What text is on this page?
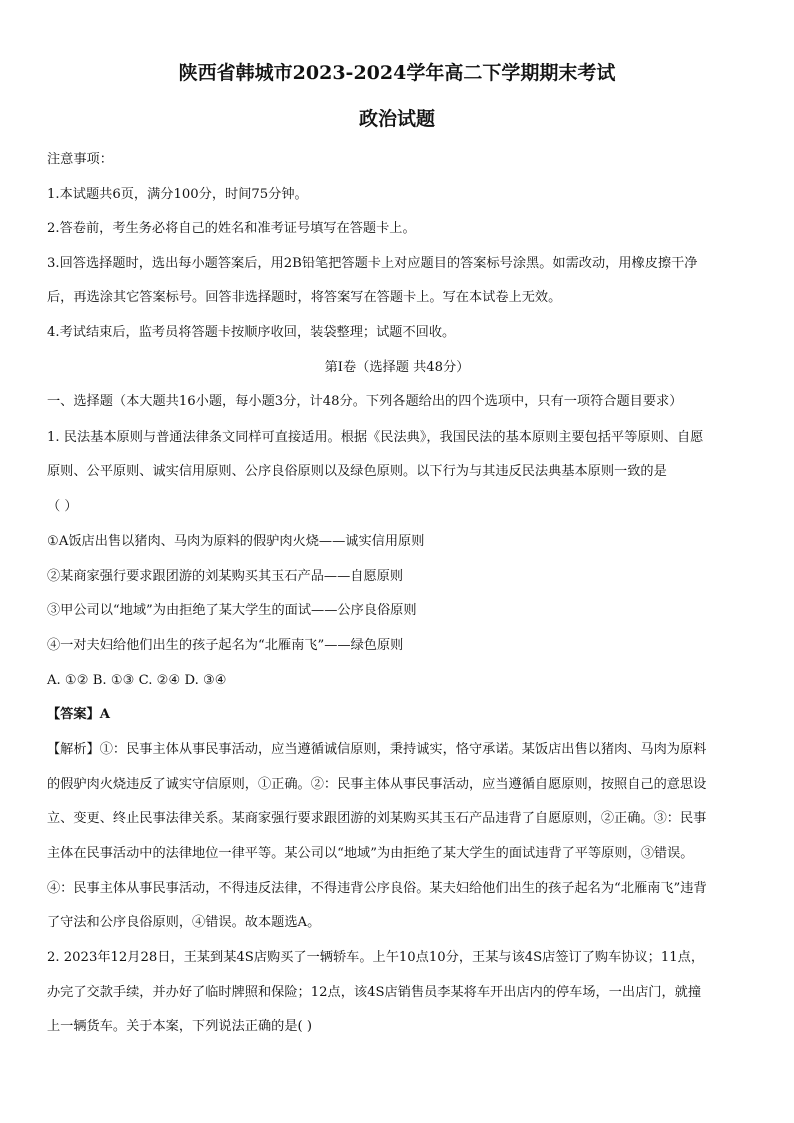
陕西省韩城市2023-2024学年高二下学期期末考试
政治试题
注意事项：
1.本试题共6页，满分100分，时间75分钟。
2.答卷前，考生务必将自己的姓名和准考证号填写在答题卡上。
3.回答选择题时，选出每小题答案后，用2B铅笔把答题卡上对应题目的答案标号涂黑。如需改动，用橡皮擦干净
后，再选涂其它答案标号。回答非选择题时，将答案写在答题卡上。写在本试卷上无效。
4.考试结束后，监考员将答题卡按顺序收回，装袋整理；试题不回收。
第Ⅰ卷（选择题 共48分）
一、选择题（本大题共16小题，每小题3分，计48分。下列各题给出的四个选项中，只有一项符合题目要求）
1. 民法基本原则与普通法律条文同样可直接适用。根据《民法典》，我国民法的基本原则主要包括平等原则、自愿
原则、公平原则、诚实信用原则、公序良俗原则以及绿色原则。以下行为与其违反民法典基本原则一致的是
（ ）
①A饭店出售以猪肉、马肉为原料的假驴肉火烧——诚实信用原则
②某商家强行要求跟团游的刘某购买其玉石产品——自愿原则
③甲公司以“地域”为由拒绝了某大学生的面试——公序良俗原则
④一对夫妇给他们出生的孩子起名为“北雁南飞”——绿色原则
A. ①② B. ①③ C. ②④ D. ③④
【答案】A
【解析】①：民事主体从事民事活动，应当遵循诚信原则，秉持诚实，恪守承诺。某饭店出售以猪肉、马肉为原料
的假驴肉火烧违反了诚实守信原则，①正确。②：民事主体从事民事活动，应当遵循自愿原则，按照自己的意思设
立、变更、终止民事法律关系。某商家强行要求跟团游的刘某购买其玉石产品违背了自愿原则，②正确。③：民事
主体在民事活动中的法律地位一律平等。某公司以“地域”为由拒绝了某大学生的面试违背了平等原则，③错误。
④：民事主体从事民事活动，不得违反法律，不得违背公序良俗。某夫妇给他们出生的孩子起名为“北雁南飞”违背
了守法和公序良俗原则，④错误。故本题选A。
2. 2023年12月28日，王某到某4S店购买了一辆轿车。上午10点10分，王某与该4S店签订了购车协议；11点，
办完了交款手续，并办好了临时牌照和保险；12点，该4S店销售员李某将车开出店内的停车场，一出店门，就撞
上一辆货车。关于本案，下列说法正确的是( )
